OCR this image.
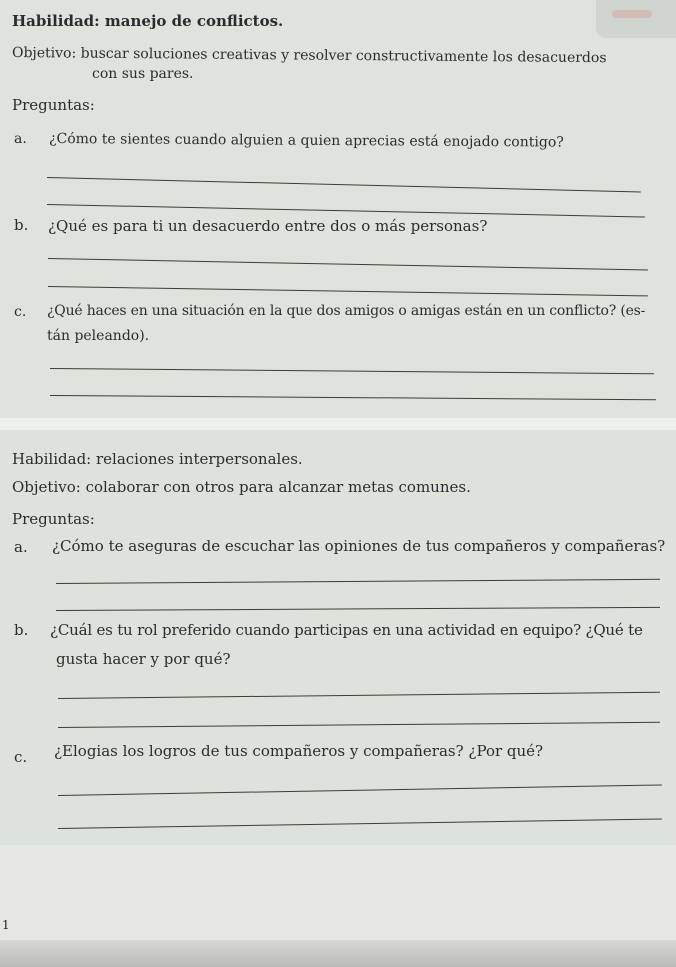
Habilidad: manejo de conflictos.
Objetivo: buscar soluciones creativas y resolver constructivamente los desacuerdos
con sus pares.
Preguntas:
a. ¿Cómo te sientes cuando alguien a quien aprecias está enojado contigo?
b. ¿Qué es para ti un desacuerdo entre dos o más personas?
c. ¿Qué haces en una situación en la que dos amigos o amigas están en un conflicto? (es-
tán peleando).
Habilidad: relaciones interpersonales.
Objetivo: colaborar con otros para alcanzar metas comunes.
Preguntas:
a. ¿Cómo te aseguras de escuchar las opiniones de tus compañeros y compañeras?
b. ¿Cuál es tu rol preferido cuando participas en una actividad en equipo? ¿Qué te
gusta hacer y por qué?
c. ¿Elogias los logros de tus compañeros y compañeras? ¿Por qué?
1
